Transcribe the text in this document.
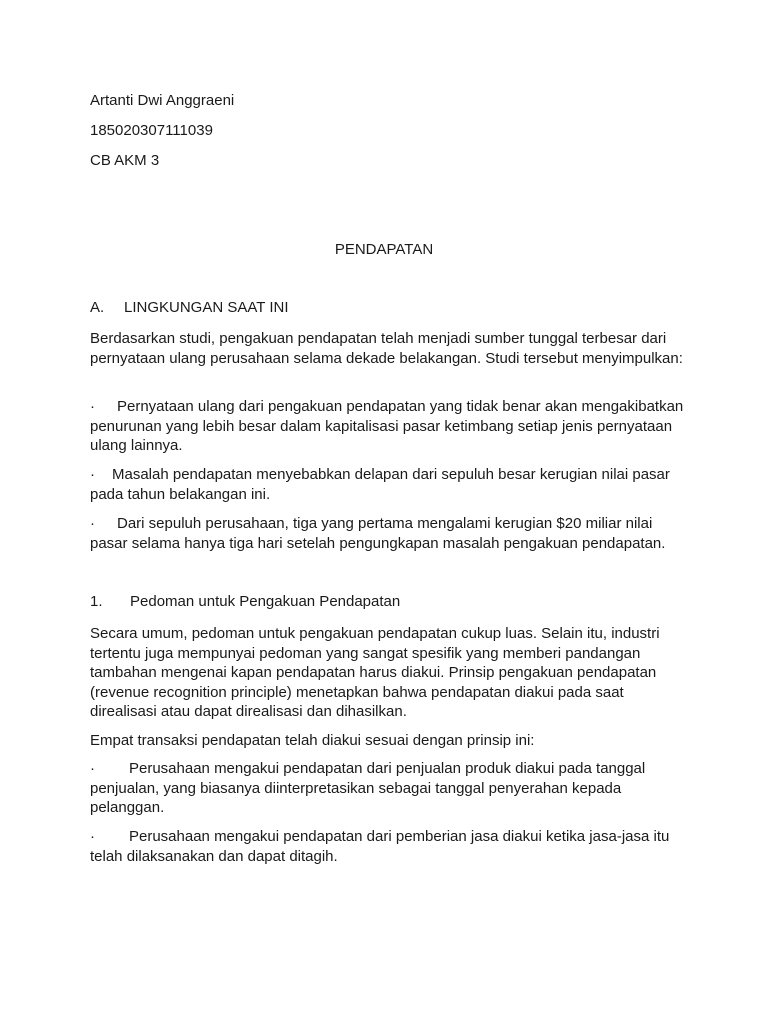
Artanti Dwi Anggraeni

185020307111039

CB AKM 3

PENDAPATAN

A. LINGKUNGAN SAAT INI

Berdasarkan studi, pengakuan pendapatan telah menjadi sumber tunggal terbesar dari pernyataan ulang perusahaan selama dekade belakangan. Studi tersebut menyimpulkan:

· Pernyataan ulang dari pengakuan pendapatan yang tidak benar akan mengakibatkan penurunan yang lebih besar dalam kapitalisasi pasar ketimbang setiap jenis pernyataan ulang lainnya.

· Masalah pendapatan menyebabkan delapan dari sepuluh besar kerugian nilai pasar pada tahun belakangan ini.

· Dari sepuluh perusahaan, tiga yang pertama mengalami kerugian $20 miliar nilai pasar selama hanya tiga hari setelah pengungkapan masalah pengakuan pendapatan.

1. Pedoman untuk Pengakuan Pendapatan

Secara umum, pedoman untuk pengakuan pendapatan cukup luas. Selain itu, industri tertentu juga mempunyai pedoman yang sangat spesifik yang memberi pandangan tambahan mengenai kapan pendapatan harus diakui. Prinsip pengakuan pendapatan (revenue recognition principle) menetapkan bahwa pendapatan diakui pada saat direalisasi atau dapat direalisasi dan dihasilkan.

Empat transaksi pendapatan telah diakui sesuai dengan prinsip ini:

· Perusahaan mengakui pendapatan dari penjualan produk diakui pada tanggal penjualan, yang biasanya diinterpretasikan sebagai tanggal penyerahan kepada pelanggan.

· Perusahaan mengakui pendapatan dari pemberian jasa diakui ketika jasa-jasa itu telah dilaksanakan dan dapat ditagih.
